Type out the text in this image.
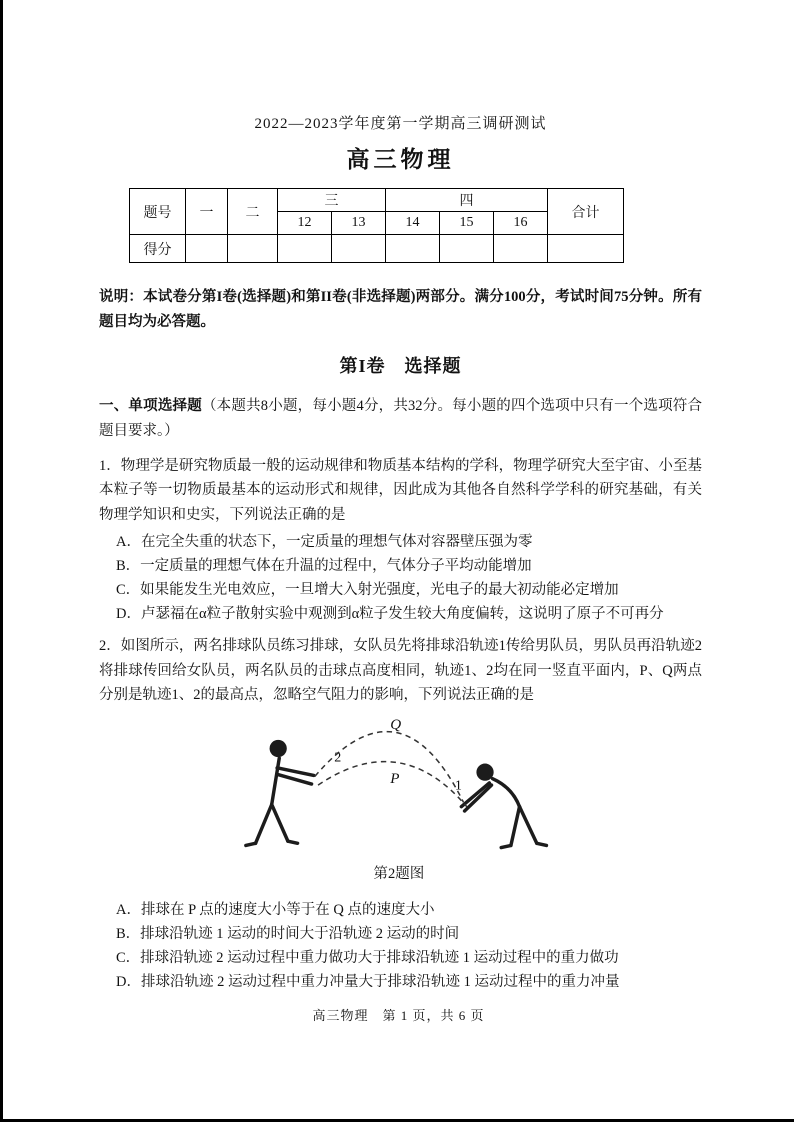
2022—2023学年度第一学期高三调研测试
高三物理
题号	一	二	三		四			合计
			12	13	14	15	16	
得分								
说明：本试卷分第I卷(选择题)和第II卷(非选择题)两部分。满分100分，考试时间75分钟。所有题目均为必答题。
第I卷　选择题
一、单项选择题（本题共8小题，每小题4分，共32分。每小题的四个选项中只有一个选项符合题目要求。）
1．物理学是研究物质最一般的运动规律和物质基本结构的学科，物理学研究大至宇宙、小至基本粒子等一切物质最基本的运动形式和规律，因此成为其他各自然科学学科的研究基础，有关物理学知识和史实，下列说法正确的是
A．在完全失重的状态下，一定质量的理想气体对容器壁压强为零
B．一定质量的理想气体在升温的过程中，气体分子平均动能增加
C．如果能发生光电效应，一旦增大入射光强度，光电子的最大初动能必定增加
D．卢瑟福在α粒子散射实验中观测到α粒子发生较大角度偏转，这说明了原子不可再分
2．如图所示，两名排球队员练习排球，女队员先将排球沿轨迹1传给男队员，男队员再沿轨迹2将排球传回给女队员，两名队员的击球点高度相同，轨迹1、2均在同一竖直平面内，P、Q两点分别是轨迹1、2的最高点，忽略空气阻力的影响，下列说法正确的是
Q
2
P	1
第2题图
A．排球在 P 点的速度大小等于在 Q 点的速度大小
B．排球沿轨迹 1 运动的时间大于沿轨迹 2 运动的时间
C．排球沿轨迹 2 运动过程中重力做功大于排球沿轨迹 1 运动过程中的重力做功
D．排球沿轨迹 2 运动过程中重力冲量大于排球沿轨迹 1 运动过程中的重力冲量
高三物理　第 1 页，共 6 页
